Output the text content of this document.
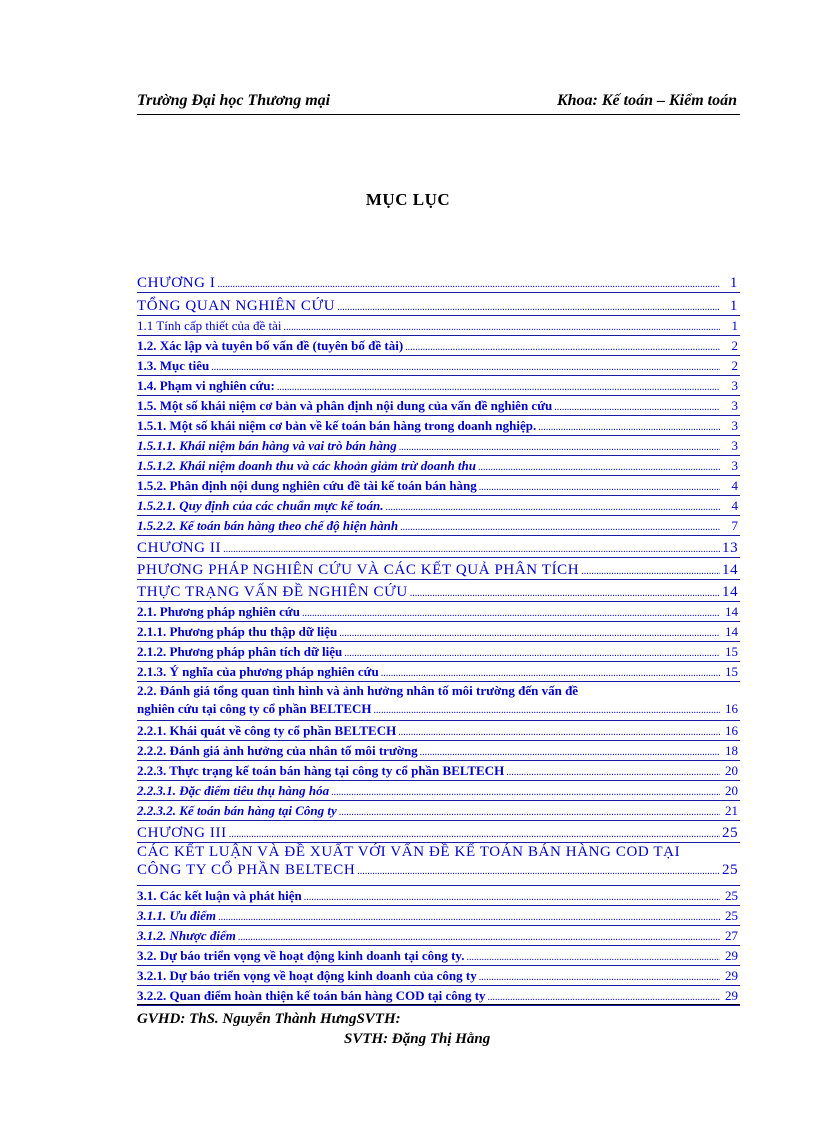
Trường Đại học Thương mại	Khoa: Kế toán – Kiểm toán
MỤC LỤC
CHƯƠNG I .....	1
TỔNG QUAN NGHIÊN CỨU .....	1
1.1 Tính cấp thiết của đề tài .....	1
1.2. Xác lập và tuyên bố vấn đề (tuyên bố đề tài) .....	2
1.3. Mục tiêu .....	2
1.4. Phạm vi nghiên cứu: .....	3
1.5. Một số khái niệm cơ bản và phân định nội dung của vấn đề nghiên cứu .....	3
1.5.1. Một số khái niệm cơ bản về kế toán bán hàng trong doanh nghiệp. .....	3
1.5.1.1. Khái niệm bán hàng và vai trò bán hàng .....	3
1.5.1.2. Khái niệm doanh thu và các khoản giảm trừ doanh thu .....	3
1.5.2. Phân định nội dung nghiên cứu đề tài kế toán bán hàng .....	4
1.5.2.1. Quy định của các chuẩn mực kế toán. .....	4
1.5.2.2. Kế toán bán hàng theo chế độ hiện hành .....	7
CHƯƠNG II .....	13
PHƯƠNG PHÁP NGHIÊN CỨU VÀ CÁC KẾT QUẢ PHÂN TÍCH .....	14
THỰC TRẠNG VẤN ĐỀ NGHIÊN CỨU .....	14
2.1. Phương pháp nghiên cứu .....	14
2.1.1. Phương pháp thu thập dữ liệu .....	14
2.1.2. Phương pháp phân tích dữ liệu .....	15
2.1.3. Ý nghĩa của phương pháp nghiên cứu .....	15
2.2. Đánh giá tổng quan tình hình và ảnh hưởng nhân tố môi trường đến vấn đề
nghiên cứu tại công ty cổ phần BELTECH .....	16
2.2.1. Khái quát về công ty cổ phần BELTECH .....	16
2.2.2. Đánh giá ảnh hưởng của nhân tố môi trường .....	18
2.2.3. Thực trạng kế toán bán hàng tại công ty cổ phần BELTECH .....	20
2.2.3.1. Đặc điểm tiêu thụ hàng hóa .....	20
2.2.3.2. Kế toán bán hàng tại Công ty .....	21
CHƯƠNG III .....	25
CÁC KẾT LUẬN VÀ ĐỀ XUẤT VỚI VẤN ĐỀ KẾ TOÁN BÁN HÀNG COD TẠI
CÔNG TY CỔ PHẦN BELTECH .....	25
3.1. Các kết luận và phát hiện .....	25
3.1.1. Ưu điểm .....	25
3.1.2. Nhược điểm .....	27
3.2. Dự báo triển vọng về hoạt động kinh doanh tại công ty. .....	29
3.2.1. Dự báo triển vọng về hoạt động kinh doanh của công ty .....	29
3.2.2. Quan điểm hoàn thiện kế toán bán hàng COD tại công ty .....	29
GVHD: ThS. Nguyễn Thành HưngSVTH:
SVTH: Đặng Thị Hằng
